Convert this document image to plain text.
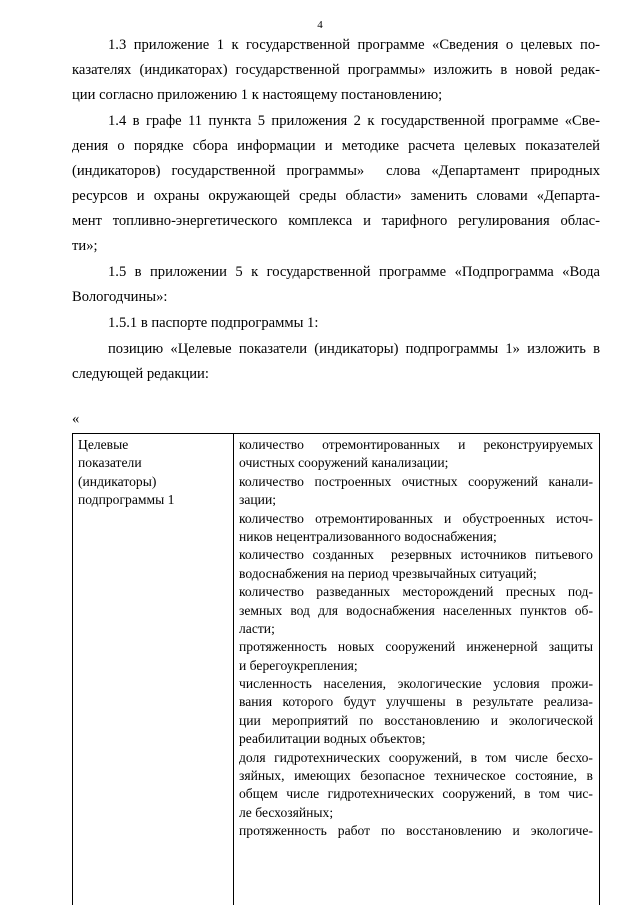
4
1.3 приложение 1 к государственной программе «Сведения о целевых по-
казателях (индикаторах) государственной программы» изложить в новой редак-
ции согласно приложению 1 к настоящему постановлению;
1.4 в графе 11 пункта 5 приложения 2 к государственной программе «Све-
дения о порядке сбора информации и методике расчета целевых показателей
(индикаторов) государственной программы» слова «Департамент природных
ресурсов и охраны окружающей среды области» заменить словами «Департа-
мент топливно-энергетического комплекса и тарифного регулирования облас-
ти»;
1.5 в приложении 5 к государственной программе «Подпрограмма «Вода
Вологодчины»:
1.5.1 в паспорте подпрограммы 1:
позицию «Целевые показатели (индикаторы) подпрограммы 1» изложить в
следующей редакции:
«
Целевые
показатели
(индикаторы)
подпрограммы 1
количество отремонтированных и реконструируемых
очистных сооружений канализации;
количество построенных очистных сооружений канали-
зации;
количество отремонтированных и обустроенных источ-
ников нецентрализованного водоснабжения;
количество созданных резервных источников питьевого
водоснабжения на период чрезвычайных ситуаций;
количество разведанных месторождений пресных под-
земных вод для водоснабжения населенных пунктов об-
ласти;
протяженность новых сооружений инженерной защиты
и берегоукрепления;
численность населения, экологические условия прожи-
вания которого будут улучшены в результате реализа-
ции мероприятий по восстановлению и экологической
реабилитации водных объектов;
доля гидротехнических сооружений, в том числе бесхо-
зяйных, имеющих безопасное техническое состояние, в
общем числе гидротехнических сооружений, в том чис-
ле бесхозяйных;
протяженность работ по восстановлению и экологиче-
